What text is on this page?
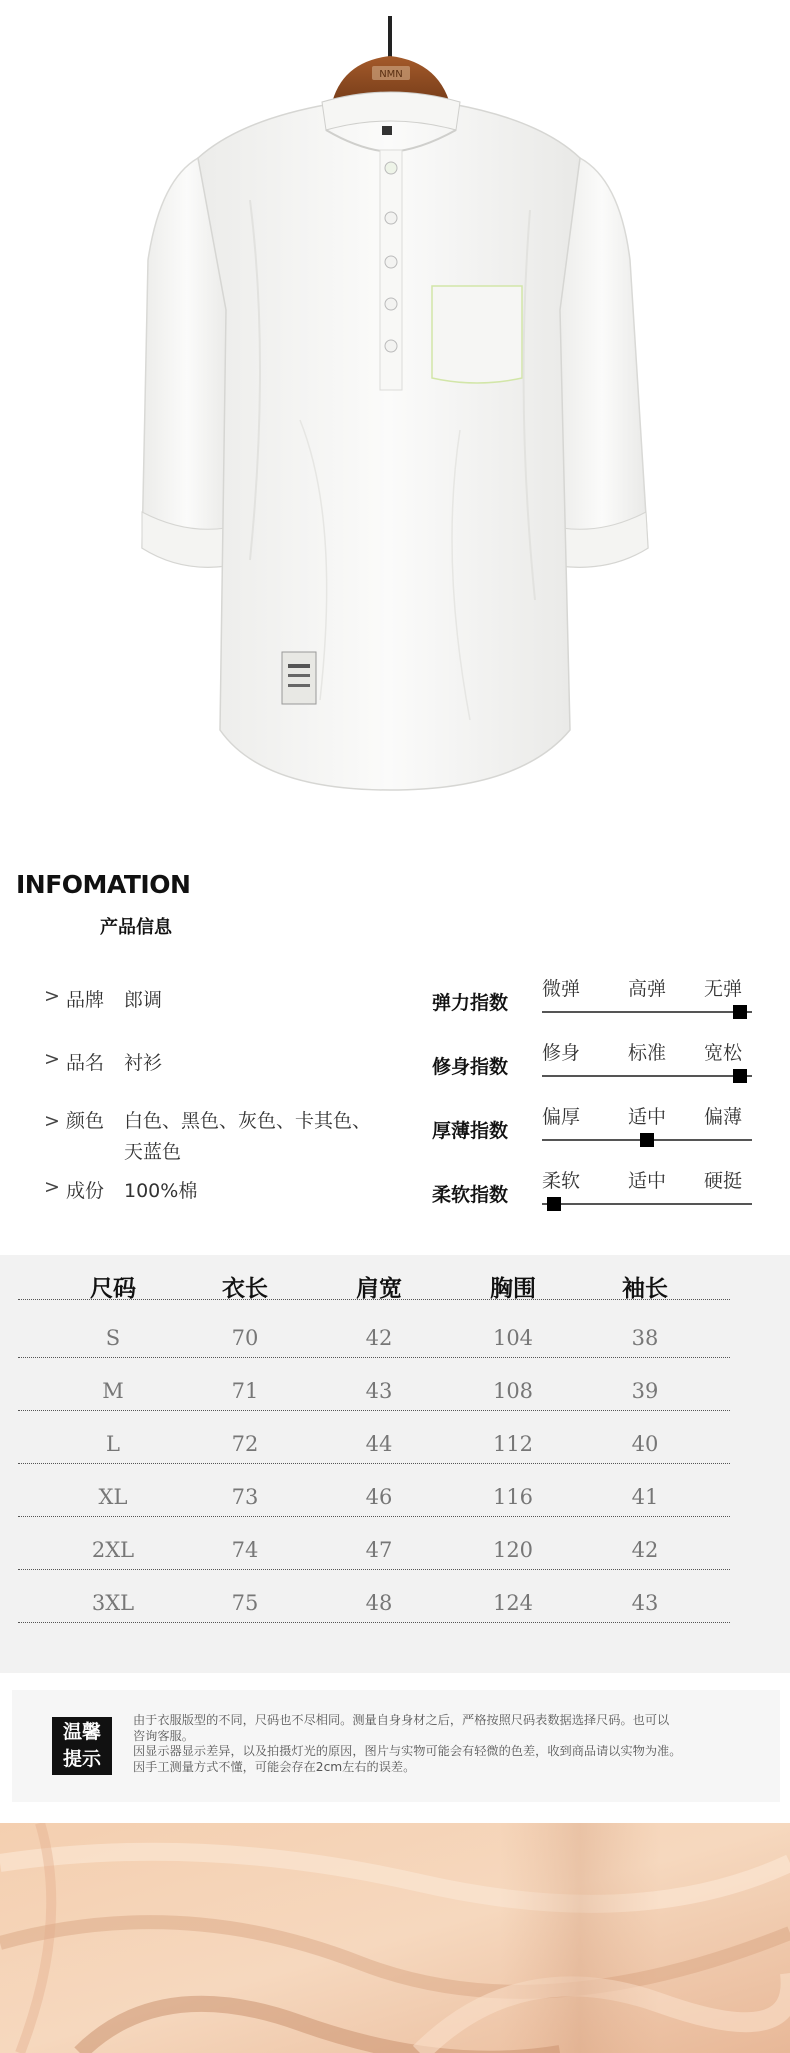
NMN
INFOMATION
产品信息
> 品牌	郎调
> 品名	衬衫
> 颜色	白色、黑色、灰色、卡其色、
天蓝色
> 成份	100%棉
弹力指数
微弹	高弹 无弹
修身指数
修身	标准 宽松
厚薄指数
偏厚	适中 偏薄
柔软指数
柔软	适中 硬挺
尺码	衣长	肩宽	胸围	袖长
S	70	42	104	38
M	71	43	108	39
L	72	44	112	40
XL	73	46	116	41
2XL	74	47	120	42
3XL	75	48	124	43
温馨
提示
由于衣服版型的不同，尺码也不尽相同。测量自身身材之后，严格按照尺码表数据选择尺码。也可以
咨询客服。
因显示器显示差异，以及拍摄灯光的原因，图片与实物可能会有轻微的色差，收到商品请以实物为准。
因手工测量方式不懂，可能会存在2cm左右的误差。
